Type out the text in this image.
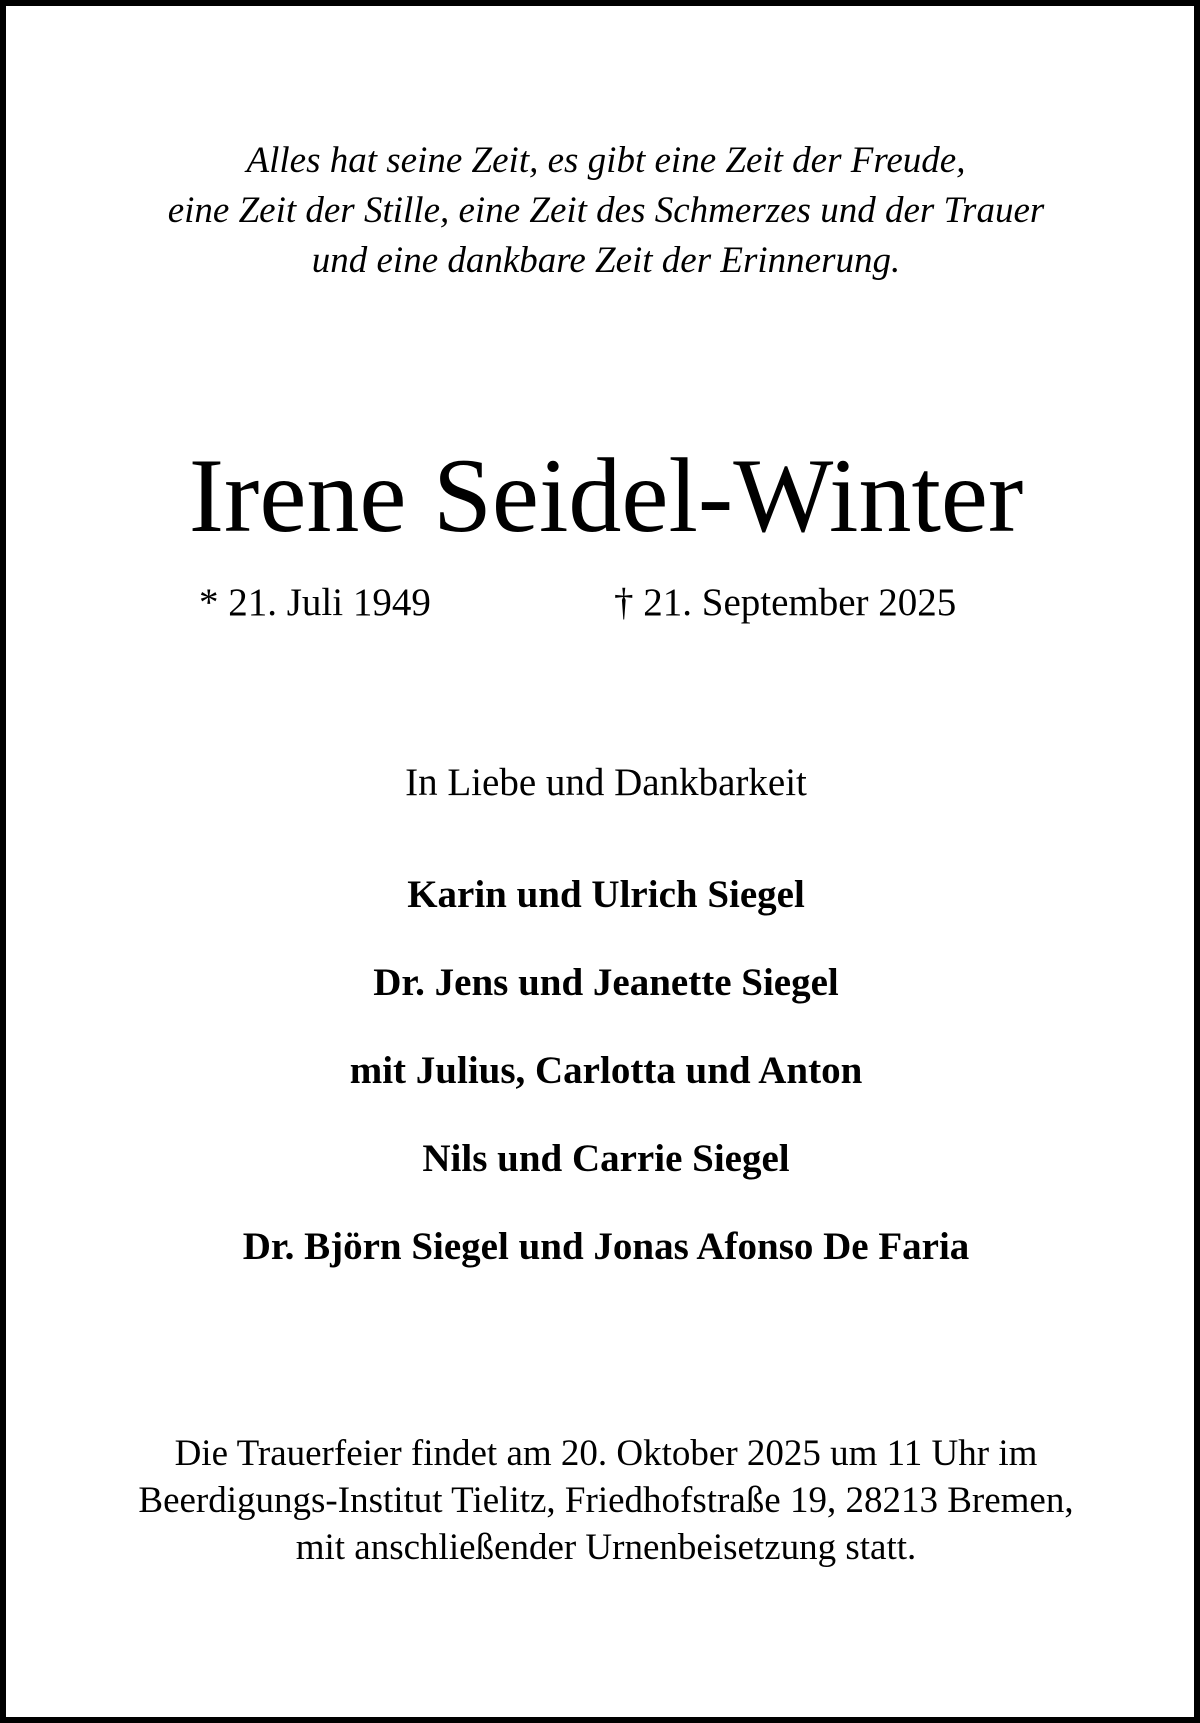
Alles hat seine Zeit, es gibt eine Zeit der Freude,
eine Zeit der Stille, eine Zeit des Schmerzes und der Trauer
und eine dankbare Zeit der Erinnerung.
Irene Seidel-Winter
* 21. Juli 1949	† 21. September 2025
In Liebe und Dankbarkeit
Karin und Ulrich Siegel
Dr. Jens und Jeanette Siegel
mit Julius, Carlotta und Anton
Nils und Carrie Siegel
Dr. Björn Siegel und Jonas Afonso De Faria
Die Trauerfeier findet am 20. Oktober 2025 um 11 Uhr im
Beerdigungs-Institut Tielitz, Friedhofstraße 19, 28213 Bremen,
mit anschließender Urnenbeisetzung statt.
